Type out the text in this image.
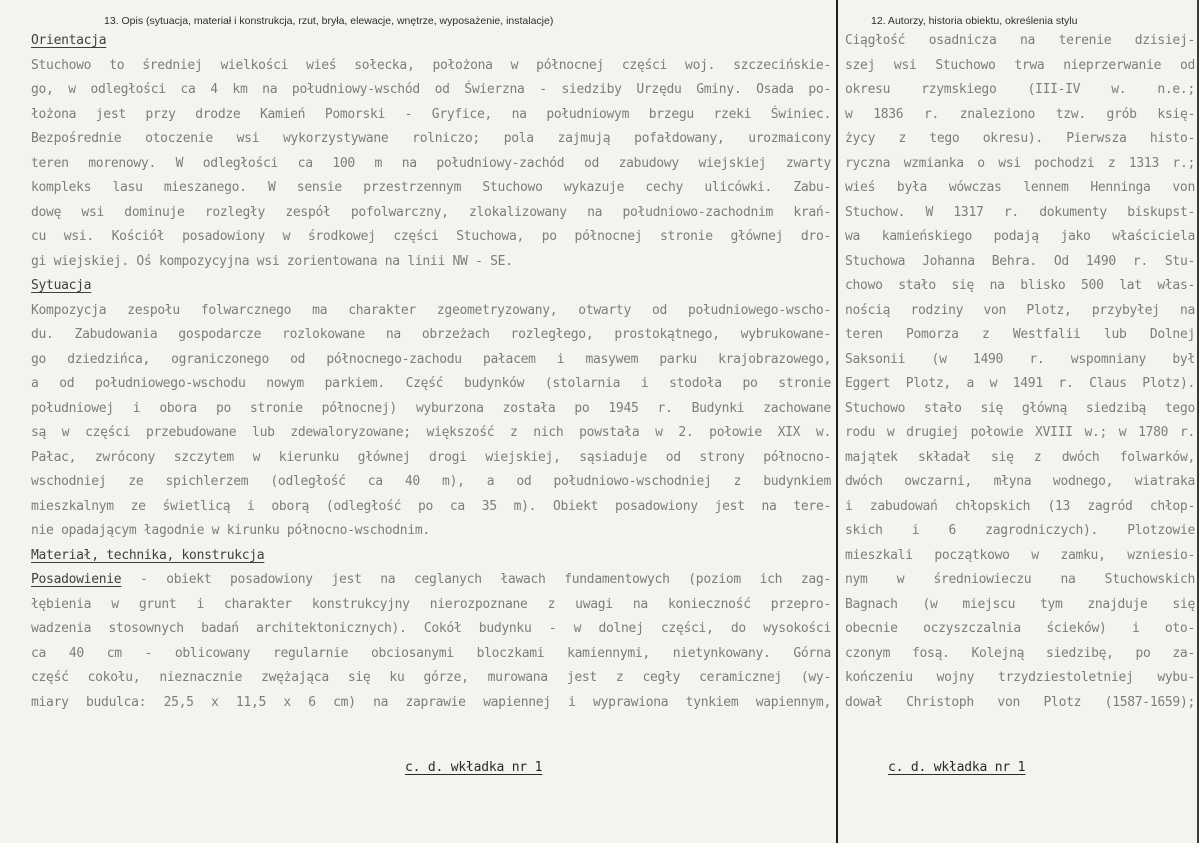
13. Opis (sytuacja, materiał i konstrukcja, rzut, bryła, elewacje, wnętrze, wyposażenie, instalacje)
Orientacja
Stuchowo to średniej wielkości wieś sołecka, położona w północnej części woj. szczecińskie-
go, w odległości ca 4 km na południowy-wschód od Świerzna - siedziby Urzędu Gminy. Osada po-
łożona jest przy drodze Kamień Pomorski - Gryfice, na południowym brzegu rzeki Świniec.
Bezpośrednie otoczenie wsi wykorzystywane rolniczo; pola zajmują pofałdowany, urozmaicony
teren morenowy. W odległości ca 100 m na południowy-zachód od zabudowy wiejskiej zwarty
kompleks lasu mieszanego. W sensie przestrzennym Stuchowo wykazuje cechy ulicówki. Zabu-
dowę wsi dominuje rozległy zespół pofolwarczny, zlokalizowany na południowo-zachodnim krań-
cu wsi. Kościół posadowiony w środkowej części Stuchowa, po północnej stronie głównej dro-
gi wiejskiej. Oś kompozycyjna wsi zorientowana na linii NW - SE.
Sytuacja
Kompozycja zespołu folwarcznego ma charakter zgeometryzowany, otwarty od południowego-wscho-
du. Zabudowania gospodarcze rozlokowane na obrzeżach rozległego, prostokątnego, wybrukowane-
go dziedzińca, ograniczonego od północnego-zachodu pałacem i masywem parku krajobrazowego,
a od południowego-wschodu nowym parkiem. Część budynków (stolarnia i stodoła po stronie
południowej i obora po stronie północnej) wyburzona została po 1945 r. Budynki zachowane
są w części przebudowane lub zdewaloryzowane; większość z nich powstała w 2. połowie XIX w.
Pałac, zwrócony szczytem w kierunku głównej drogi wiejskiej, sąsiaduje od strony północno-
wschodniej ze spichlerzem (odległość ca 40 m), a od południowo-wschodniej z budynkiem
mieszkalnym ze świetlicą i oborą (odległość po ca 35 m). Obiekt posadowiony jest na tere-
nie opadającym łagodnie w kirunku północno-wschodnim.
Materiał, technika, konstrukcja
Posadowienie - obiekt posadowiony jest na ceglanych ławach fundamentowych (poziom ich zag-
łębienia w grunt i charakter konstrukcyjny nierozpoznane z uwagi na konieczność przepro-
wadzenia stosownych badań architektonicznych). Cokół budynku - w dolnej części, do wysokości
ca 40 cm - oblicowany regularnie obciosanymi bloczkami kamiennymi, nietynkowany. Górna
część cokołu, nieznacznie zwężająca się ku górze, murowana jest z cegły ceramicznej (wy-
miary budulca: 25,5 x 11,5 x 6 cm) na zaprawie wapiennej i wyprawiona tynkiem wapiennym,
c. d. wkładka nr 1
12. Autorzy, historia obiektu, określenia stylu
Ciągłość osadnicza na terenie dzisiej-
szej wsi Stuchowo trwa nieprzerwanie od
okresu rzymskiego (III-IV w. n.e.;
w 1836 r. znaleziono tzw. grób księ-
życy z tego okresu). Pierwsza histo-
ryczna wzmianka o wsi pochodzi z 1313 r.;
wieś była wówczas lennem Henninga von
Stuchow. W 1317 r. dokumenty biskupst-
wa kamieńskiego podają jako właściciela
Stuchowa Johanna Behra. Od 1490 r. Stu-
chowo stało się na blisko 500 lat włas-
nością rodziny von Plotz, przybyłej na
teren Pomorza z Westfalii lub Dolnej
Saksonii (w 1490 r. wspomniany był
Eggert Plotz, a w 1491 r. Claus Plotz).
Stuchowo stało się główną siedzibą tego
rodu w drugiej połowie XVIII w.; w 1780 r.
majątek składał się z dwóch folwarków,
dwóch owczarni, młyna wodnego, wiatraka
i zabudowań chłopskich (13 zagród chłop-
skich i 6 zagrodniczych). Plotzowie
mieszkali początkowo w zamku, wzniesio-
nym w średniowieczu na Stuchowskich
Bagnach (w miejscu tym znajduje się
obecnie oczyszczalnia ścieków) i oto-
czonym fosą. Kolejną siedzibę, po za-
kończeniu wojny trzydziestoletniej wybu-
dował Christoph von Plotz (1587-1659);
c. d. wkładka nr 1
